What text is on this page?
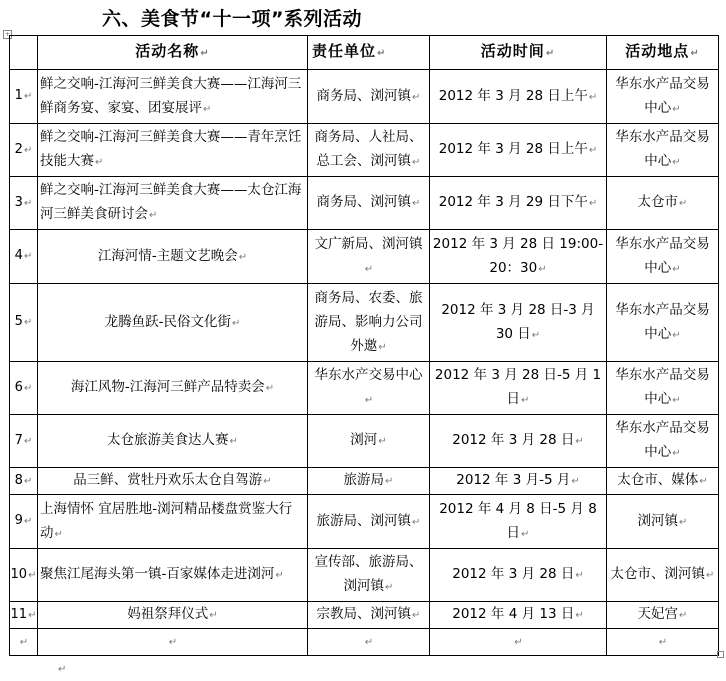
六、美食节“十一项”系列活动
+
	活动名称↵	责任单位↵	活动时间↵	活动地点↵
1↵	鲜之交响-江海河三鲜美食大赛——江海河三鲜商务宴、家宴、团宴展评↵	商务局、浏河镇↵	2012 年 3 月 28 日上午↵	华东水产品交易中心↵
2↵	鲜之交响-江海河三鲜美食大赛——青年烹饪技能大赛↵	商务局、人社局、总工会、浏河镇↵	2012 年 3 月 28 日上午↵	华东水产品交易中心↵
3↵	鲜之交响-江海河三鲜美食大赛——太仓江海河三鲜美食研讨会↵	商务局、浏河镇↵	2012 年 3 月 29 日下午↵	太仓市↵
4↵	江海河情-主题文艺晚会↵	文广新局、浏河镇↵	2012 年 3 月 28 日 19:00-20：30↵	华东水产品交易中心↵
5↵	龙腾鱼跃-民俗文化街↵	商务局、农委、旅游局、影响力公司外邀↵	2012 年 3 月 28 日-3 月 30 日↵	华东水产品交易中心↵
6↵	海江风物-江海河三鲜产品特卖会↵	华东水产交易中心↵	2012 年 3 月 28 日-5 月 1 日↵	华东水产品交易中心↵
7↵	太仓旅游美食达人赛↵	浏河↵	2012 年 3 月 28 日↵	华东水产品交易中心↵
8↵	品三鲜、赏牡丹欢乐太仓自驾游↵	旅游局↵	2012 年 3 月-5 月↵	太仓市、媒体↵
9↵	上海情怀 宜居胜地-浏河精品楼盘赏鉴大行动↵	旅游局、浏河镇↵	2012 年 4 月 8 日-5 月 8 日↵	浏河镇↵
10↵	聚焦江尾海头第一镇-百家媒体走进浏河↵	宣传部、旅游局、浏河镇↵	2012 年 3 月 28 日↵	太仓市、浏河镇↵
11↵	妈祖祭拜仪式↵	宗教局、浏河镇↵	2012 年 4 月 13 日↵	天妃宫↵
↵	↵	↵	↵	↵
↵
